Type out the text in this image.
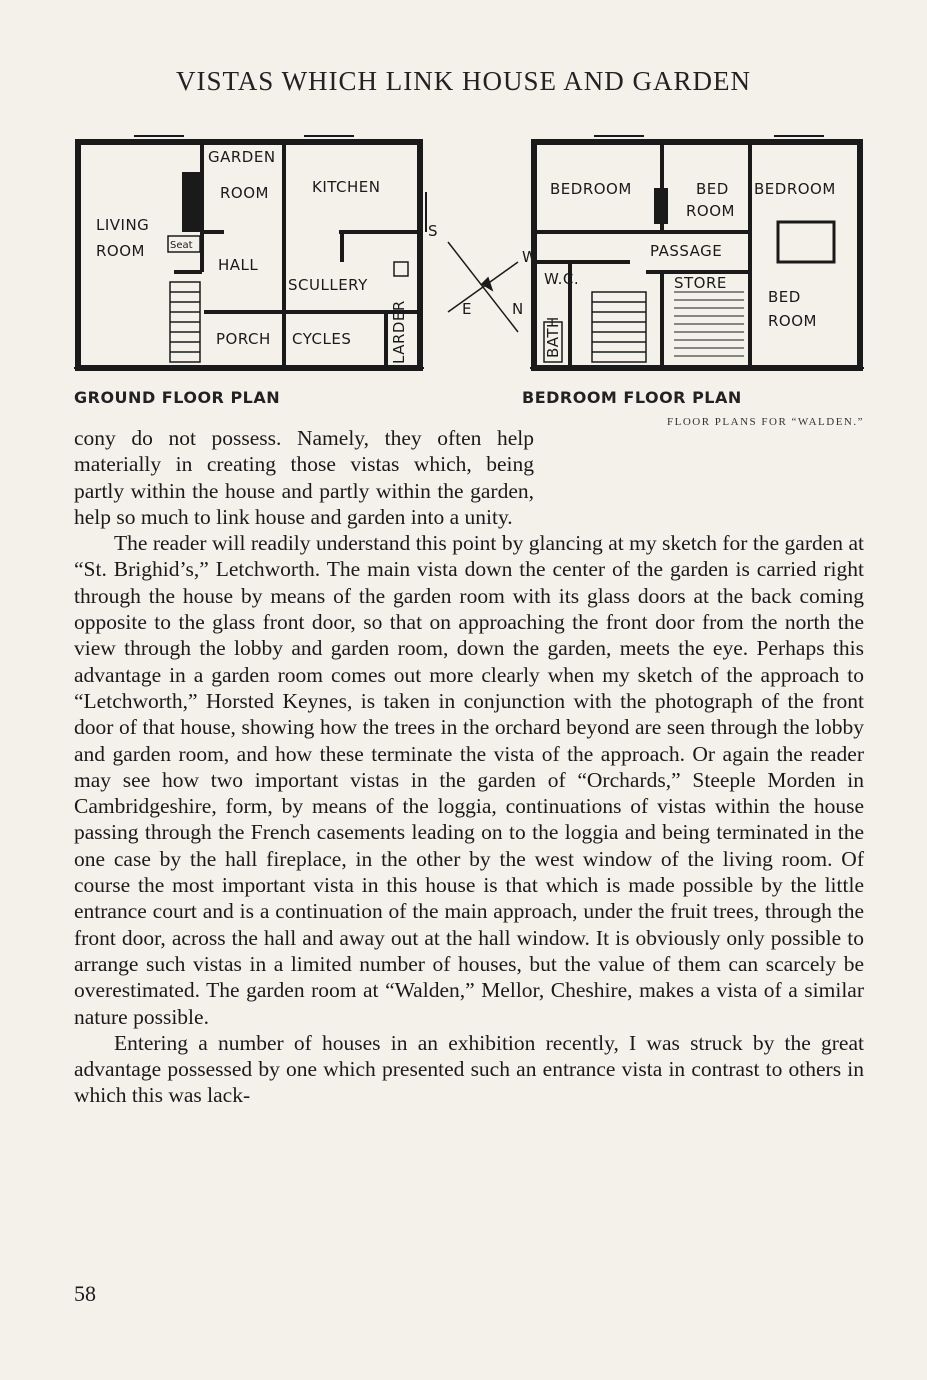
VISTAS WHICH LINK HOUSE AND GARDEN
LIVING
ROOM	Seat
GARDEN
ROOM	KITCHEN
HALL
SCULLERY
PORCH CYCLES	LARDER
S
W
E	N
BEDROOM	BED
ROOM
BEDROOM
PASSAGE
W.C.	STORE
BATH
BED
ROOM
GROUND FLOOR PLAN	BEDROOM FLOOR PLAN
FLOOR PLANS FOR “WALDEN.”

cony do not possess. Namely, they often help materially in creating those vistas which, being partly within the house and partly within the garden, help so much to link house and garden into a unity.

The reader will readily understand this point by glancing at my sketch for the garden at “St. Brighid’s,” Letchworth. The main vista down the center of the garden is carried right through the house by means of the garden room with its glass doors at the back coming opposite to the glass front door, so that on approaching the front door from the north the view through the lobby and garden room, down the garden, meets the eye. Perhaps this advantage in a garden room comes out more clearly when my sketch of the approach to “Letchworth,” Horsted Keynes, is taken in conjunction with the photograph of the front door of that house, showing how the trees in the orchard beyond are seen through the lobby and garden room, and how these terminate the vista of the approach. Or again the reader may see how two important vistas in the garden of “Orchards,” Steeple Morden in Cambridgeshire, form, by means of the loggia, continuations of vistas within the house passing through the French casements leading on to the loggia and being terminated in the one case by the hall fireplace, in the other by the west window of the living room. Of course the most important vista in this house is that which is made possible by the little entrance court and is a continuation of the main approach, under the fruit trees, through the front door, across the hall and away out at the hall window. It is obviously only possible to arrange such vistas in a limited number of houses, but the value of them can scarcely be overestimated. The garden room at “Walden,” Mellor, Cheshire, makes a vista of a similar nature possible.

Entering a number of houses in an exhibition recently, I was struck by the great advantage possessed by one which presented such an entrance vista in contrast to others in which this was lack-

58
